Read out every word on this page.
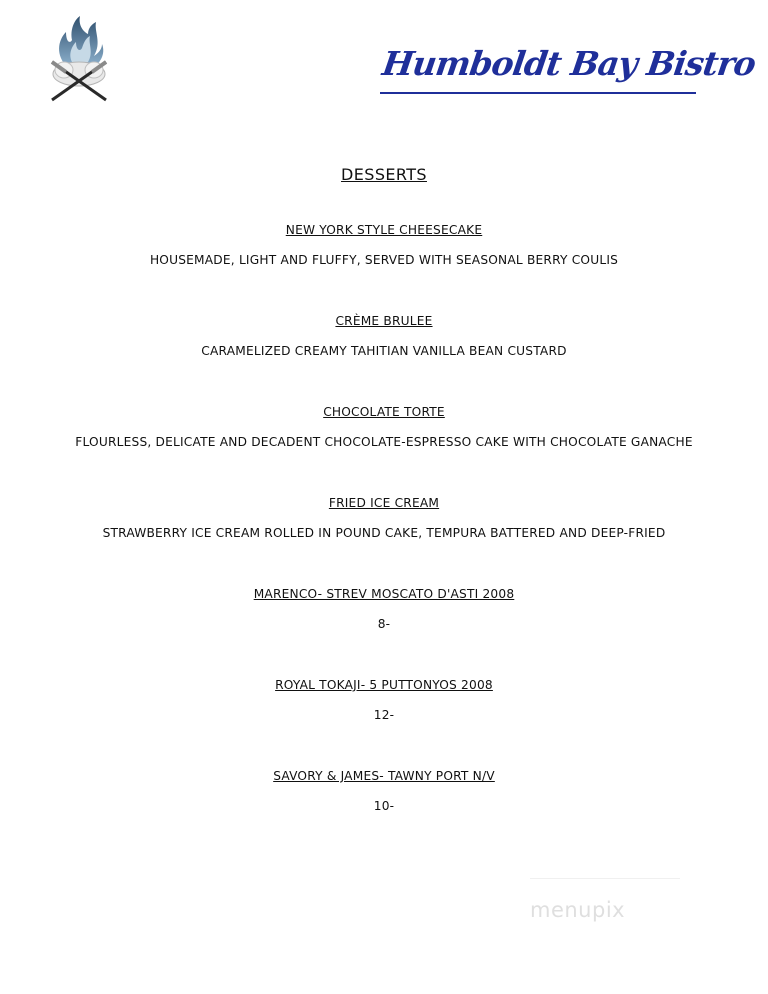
Humboldt Bay Bistro
DESSERTS
NEW YORK STYLE CHEESECAKE
HOUSEMADE, LIGHT AND FLUFFY, SERVED WITH SEASONAL BERRY COULIS
CRÈME BRULEE
CARAMELIZED CREAMY TAHITIAN VANILLA BEAN CUSTARD
CHOCOLATE TORTE
FLOURLESS, DELICATE AND DECADENT CHOCOLATE-ESPRESSO CAKE WITH CHOCOLATE GANACHE
FRIED ICE CREAM
STRAWBERRY ICE CREAM ROLLED IN POUND CAKE, TEMPURA BATTERED AND DEEP-FRIED
MARENCO- STREV MOSCATO D'ASTI 2008
8-
ROYAL TOKAJI- 5 PUTTONYOS 2008
12-
SAVORY & JAMES- TAWNY PORT N/V
10-
menupix
